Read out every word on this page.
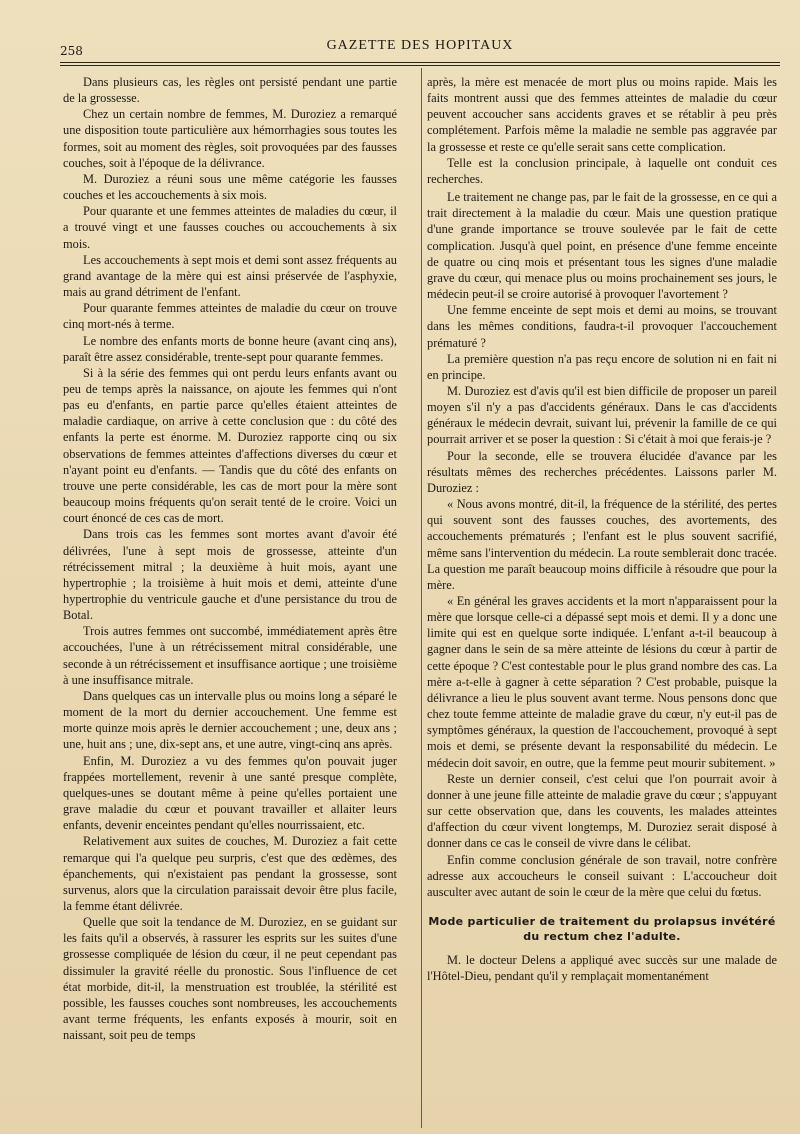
258	GAZETTE DES HOPITAUX

Dans plusieurs cas, les règles ont persisté pendant une partie de la grossesse.

Chez un certain nombre de femmes, M. Duroziez a remarqué une disposition toute particulière aux hémorrhagies sous toutes les formes, soit au moment des règles, soit provoquées par des fausses couches, soit à l'époque de la délivrance.

M. Duroziez a réuni sous une même catégorie les fausses couches et les accouchements à six mois.

Pour quarante et une femmes atteintes de maladies du cœur, il a trouvé vingt et une fausses couches ou accouchements à six mois.

Les accouchements à sept mois et demi sont assez fréquents au grand avantage de la mère qui est ainsi préservée de l'asphyxie, mais au grand détriment de l'enfant.

Pour quarante femmes atteintes de maladie du cœur on trouve cinq mort-nés à terme.

Le nombre des enfants morts de bonne heure (avant cinq ans), paraît être assez considérable, trente-sept pour quarante femmes.

Si à la série des femmes qui ont perdu leurs enfants avant ou peu de temps après la naissance, on ajoute les femmes qui n'ont pas eu d'enfants, en partie parce qu'elles étaient atteintes de maladie cardiaque, on arrive à cette conclusion que : du côté des enfants la perte est énorme. M. Duroziez rapporte cinq ou six observations de femmes atteintes d'affections diverses du cœur et n'ayant point eu d'enfants. — Tandis que du côté des enfants on trouve une perte considérable, les cas de mort pour la mère sont beaucoup moins fréquents qu'on serait tenté de le croire. Voici un court énoncé de ces cas de mort.

Dans trois cas les femmes sont mortes avant d'avoir été délivrées, l'une à sept mois de grossesse, atteinte d'un rétrécissement mitral ; la deuxième à huit mois, ayant une hypertrophie ; la troisième à huit mois et demi, atteinte d'une hypertrophie du ventricule gauche et d'une persistance du trou de Botal.

Trois autres femmes ont succombé, immédiatement après être accouchées, l'une à un rétrécissement mitral considérable, une seconde à un rétrécissement et insuffisance aortique ; une troisième à une insuffisance mitrale.

Dans quelques cas un intervalle plus ou moins long a séparé le moment de la mort du dernier accouchement. Une femme est morte quinze mois après le dernier accouchement ; une, deux ans ; une, huit ans ; une, dix-sept ans, et une autre, vingt-cinq ans après.

Enfin, M. Duroziez a vu des femmes qu'on pouvait juger frappées mortellement, revenir à une santé presque complète, quelques-unes se doutant même à peine qu'elles portaient une grave maladie du cœur et pouvant travailler et allaiter leurs enfants, devenir enceintes pendant qu'elles nourrissaient, etc.

Relativement aux suites de couches, M. Duroziez a fait cette remarque qui l'a quelque peu surpris, c'est que des œdèmes, des épanchements, qui n'existaient pas pendant la grossesse, sont survenus, alors que la circulation paraissait devoir être plus facile, la femme étant délivrée.

Quelle que soit la tendance de M. Duroziez, en se guidant sur les faits qu'il a observés, à rassurer les esprits sur les suites d'une grossesse compliquée de lésion du cœur, il ne peut cependant pas dissimuler la gravité réelle du pronostic. Sous l'influence de cet état morbide, dit-il, la menstruation est troublée, la stérilité est possible, les fausses couches sont nombreuses, les accouchements avant terme fréquents, les enfants exposés à mourir, soit en naissant, soit peu de temps

après, la mère est menacée de mort plus ou moins rapide. Mais les faits montrent aussi que des femmes atteintes de maladie du cœur peuvent accoucher sans accidents graves et se rétablir à peu près complétement. Parfois même la maladie ne semble pas aggravée par la grossesse et reste ce qu'elle serait sans cette complication.

Telle est la conclusion principale, à laquelle ont conduit ces recherches.

Le traitement ne change pas, par le fait de la grossesse, en ce qui a trait directement à la maladie du cœur. Mais une question pratique d'une grande importance se trouve soulevée par le fait de cette complication. Jusqu'à quel point, en présence d'une femme enceinte de quatre ou cinq mois et présentant tous les signes d'une maladie grave du cœur, qui menace plus ou moins prochainement ses jours, le médecin peut-il se croire autorisé à provoquer l'avortement ?

Une femme enceinte de sept mois et demi au moins, se trouvant dans les mêmes conditions, faudra-t-il provoquer l'accouchement prématuré ?

La première question n'a pas reçu encore de solution ni en fait ni en principe.

M. Duroziez est d'avis qu'il est bien difficile de proposer un pareil moyen s'il n'y a pas d'accidents généraux. Dans le cas d'accidents généraux le médecin devrait, suivant lui, prévenir la famille de ce qui pourrait arriver et se poser la question : Si c'était à moi que ferais-je ?

Pour la seconde, elle se trouvera élucidée d'avance par les résultats mêmes des recherches précédentes. Laissons parler M. Duroziez :

« Nous avons montré, dit-il, la fréquence de la stérilité, des pertes qui souvent sont des fausses couches, des avortements, des accouchements prématurés ; l'enfant est le plus souvent sacrifié, même sans l'intervention du médecin. La route semblerait donc tracée. La question me paraît beaucoup moins difficile à résoudre que pour la mère.

« En général les graves accidents et la mort n'apparaissent pour la mère que lorsque celle-ci a dépassé sept mois et demi. Il y a donc une limite qui est en quelque sorte indiquée. L'enfant a-t-il beaucoup à gagner dans le sein de sa mère atteinte de lésions du cœur à partir de cette époque ? C'est contestable pour le plus grand nombre des cas. La mère a-t-elle à gagner à cette séparation ? C'est probable, puisque la délivrance a lieu le plus souvent avant terme. Nous pensons donc que chez toute femme atteinte de maladie grave du cœur, n'y eut-il pas de symptômes généraux, la question de l'accouchement, provoqué à sept mois et demi, se présente devant la responsabilité du médecin. Le médecin doit savoir, en outre, que la femme peut mourir subitement. »

Reste un dernier conseil, c'est celui que l'on pourrait avoir à donner à une jeune fille atteinte de maladie grave du cœur ; s'appuyant sur cette observation que, dans les couvents, les malades atteintes d'affection du cœur vivent longtemps, M. Duroziez serait disposé à donner dans ce cas le conseil de vivre dans le célibat.

Enfin comme conclusion générale de son travail, notre confrère adresse aux accoucheurs le conseil suivant : L'accoucheur doit ausculter avec autant de soin le cœur de la mère que celui du fœtus.

Mode particulier de traitement du prolapsus invétéré
du rectum chez l'adulte.

M. le docteur Delens a appliqué avec succès sur une malade de l'Hôtel-Dieu, pendant qu'il y remplaçait momentanément
